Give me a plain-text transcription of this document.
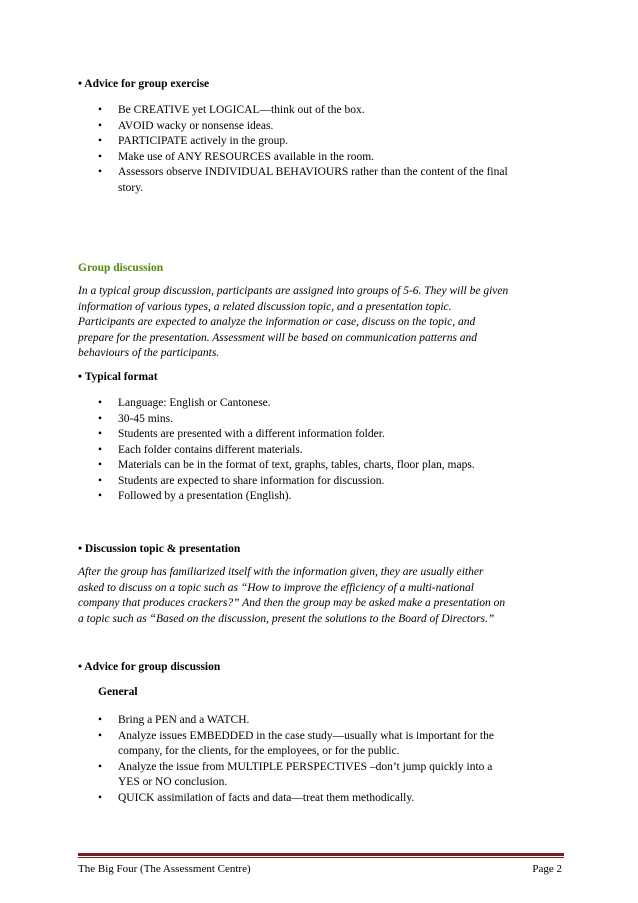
• Advice for group exercise
•	Be CREATIVE yet LOGICAL—think out of the box.
•	AVOID wacky or nonsense ideas.
•	PARTICIPATE actively in the group.
•	Make use of ANY RESOURCES available in the room.
•	Assessors observe INDIVIDUAL BEHAVIOURS rather than the content of the final
story.
Group discussion
In a typical group discussion, participants are assigned into groups of 5-6. They will be given
information of various types, a related discussion topic, and a presentation topic.
Participants are expected to analyze the information or case, discuss on the topic, and
prepare for the presentation. Assessment will be based on communication patterns and
behaviours of the participants.
• Typical format
•	Language: English or Cantonese.
•	30-45 mins.
•	Students are presented with a different information folder.
•	Each folder contains different materials.
•	Materials can be in the format of text, graphs, tables, charts, floor plan, maps.
•	Students are expected to share information for discussion.
•	Followed by a presentation (English).
• Discussion topic & presentation
After the group has familiarized itself with the information given, they are usually either
asked to discuss on a topic such as “How to improve the efficiency of a multi-national
company that produces crackers?” And then the group may be asked make a presentation on
a topic such as “Based on the discussion, present the solutions to the Board of Directors.”
• Advice for group discussion
General
•	Bring a PEN and a WATCH.
•	Analyze issues EMBEDDED in the case study—usually what is important for the
company, for the clients, for the employees, or for the public.
•	Analyze the issue from MULTIPLE PERSPECTIVES –don’t jump quickly into a
YES or NO conclusion.
•	QUICK assimilation of facts and data—treat them methodically.
The Big Four (The Assessment Centre)	Page 2
